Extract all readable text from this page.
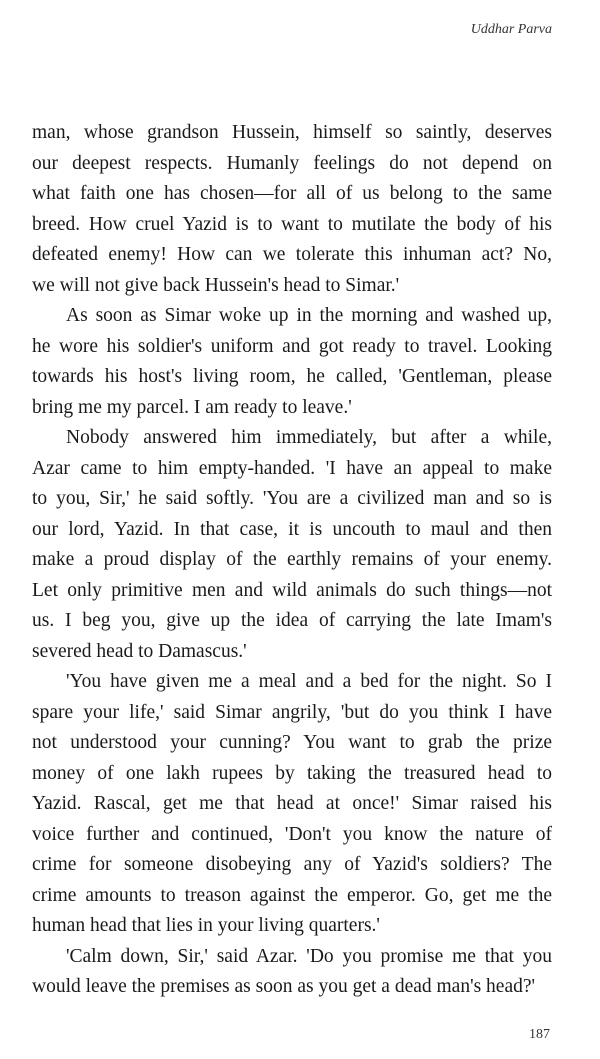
Uddhar Parva

man, whose grandson Hussein, himself so saintly, deserves
our deepest respects. Humanly feelings do not depend on
what faith one has chosen—for all of us belong to the same
breed. How cruel Yazid is to want to mutilate the body of his
defeated enemy! How can we tolerate this inhuman act? No,
we will not give back Hussein's head to Simar.'

As soon as Simar woke up in the morning and washed up,
he wore his soldier's uniform and got ready to travel. Looking
towards his host's living room, he called, 'Gentleman, please
bring me my parcel. I am ready to leave.'

Nobody answered him immediately, but after a while,
Azar came to him empty-handed. 'I have an appeal to make
to you, Sir,' he said softly. 'You are a civilized man and so is
our lord, Yazid. In that case, it is uncouth to maul and then
make a proud display of the earthly remains of your enemy.
Let only primitive men and wild animals do such things—not
us. I beg you, give up the idea of carrying the late Imam's
severed head to Damascus.'

'You have given me a meal and a bed for the night. So I
spare your life,' said Simar angrily, 'but do you think I have
not understood your cunning? You want to grab the prize
money of one lakh rupees by taking the treasured head to
Yazid. Rascal, get me that head at once!' Simar raised his
voice further and continued, 'Don't you know the nature of
crime for someone disobeying any of Yazid's soldiers? The
crime amounts to treason against the emperor. Go, get me the
human head that lies in your living quarters.'

'Calm down, Sir,' said Azar. 'Do you promise me that you
would leave the premises as soon as you get a dead man's head?'

187
